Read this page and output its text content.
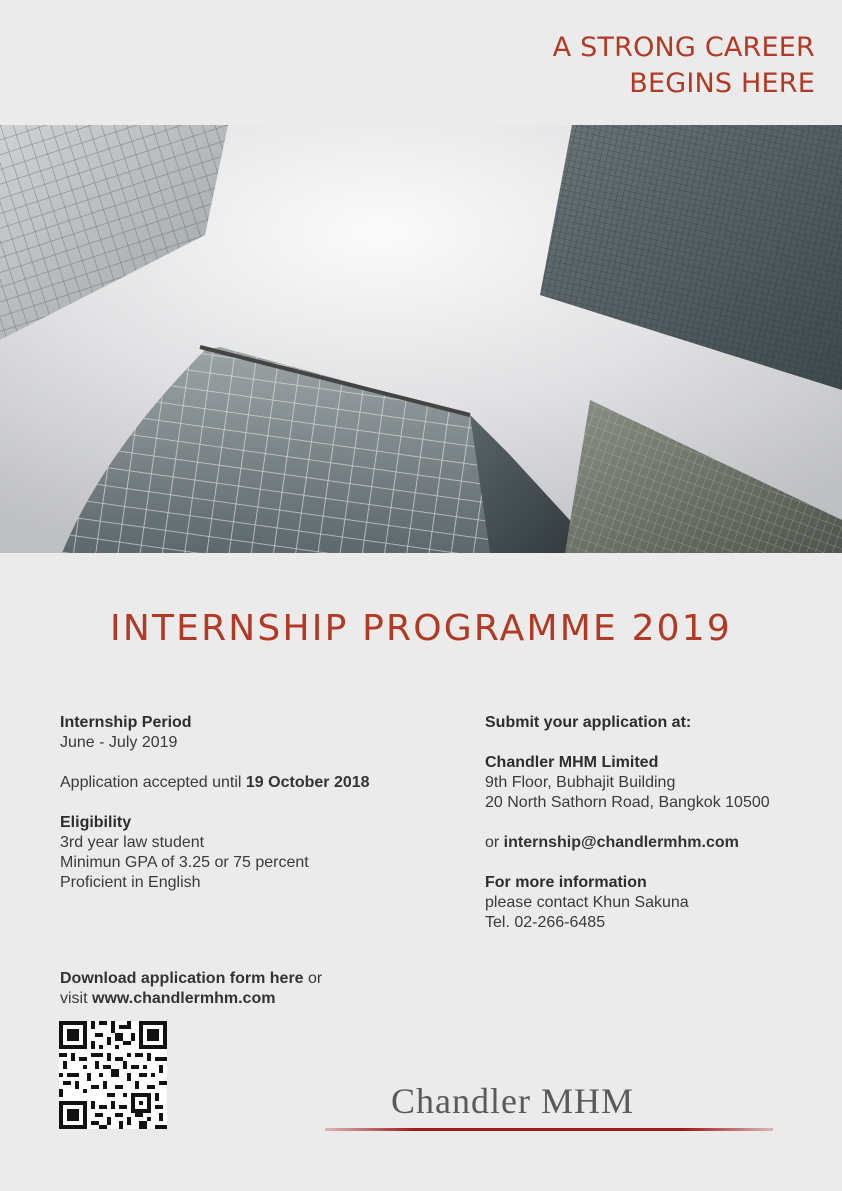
A STRONG CAREER
BEGINS HERE
INTERNSHIP PROGRAMME 2019
Internship Period
June - July 2019
Application accepted until 19 October 2018
Eligibility
3rd year law student
Minimun GPA of 3.25 or 75 percent
Proficient in English
Submit your application at:
Chandler MHM Limited
9th Floor, Bubhajit Building
20 North Sathorn Road, Bangkok 10500
or internship@chandlermhm.com
For more information
please contact Khun Sakuna
Tel. 02-266-6485
Download application form here or
visit www.chandlermhm.com
Chandler MHM
